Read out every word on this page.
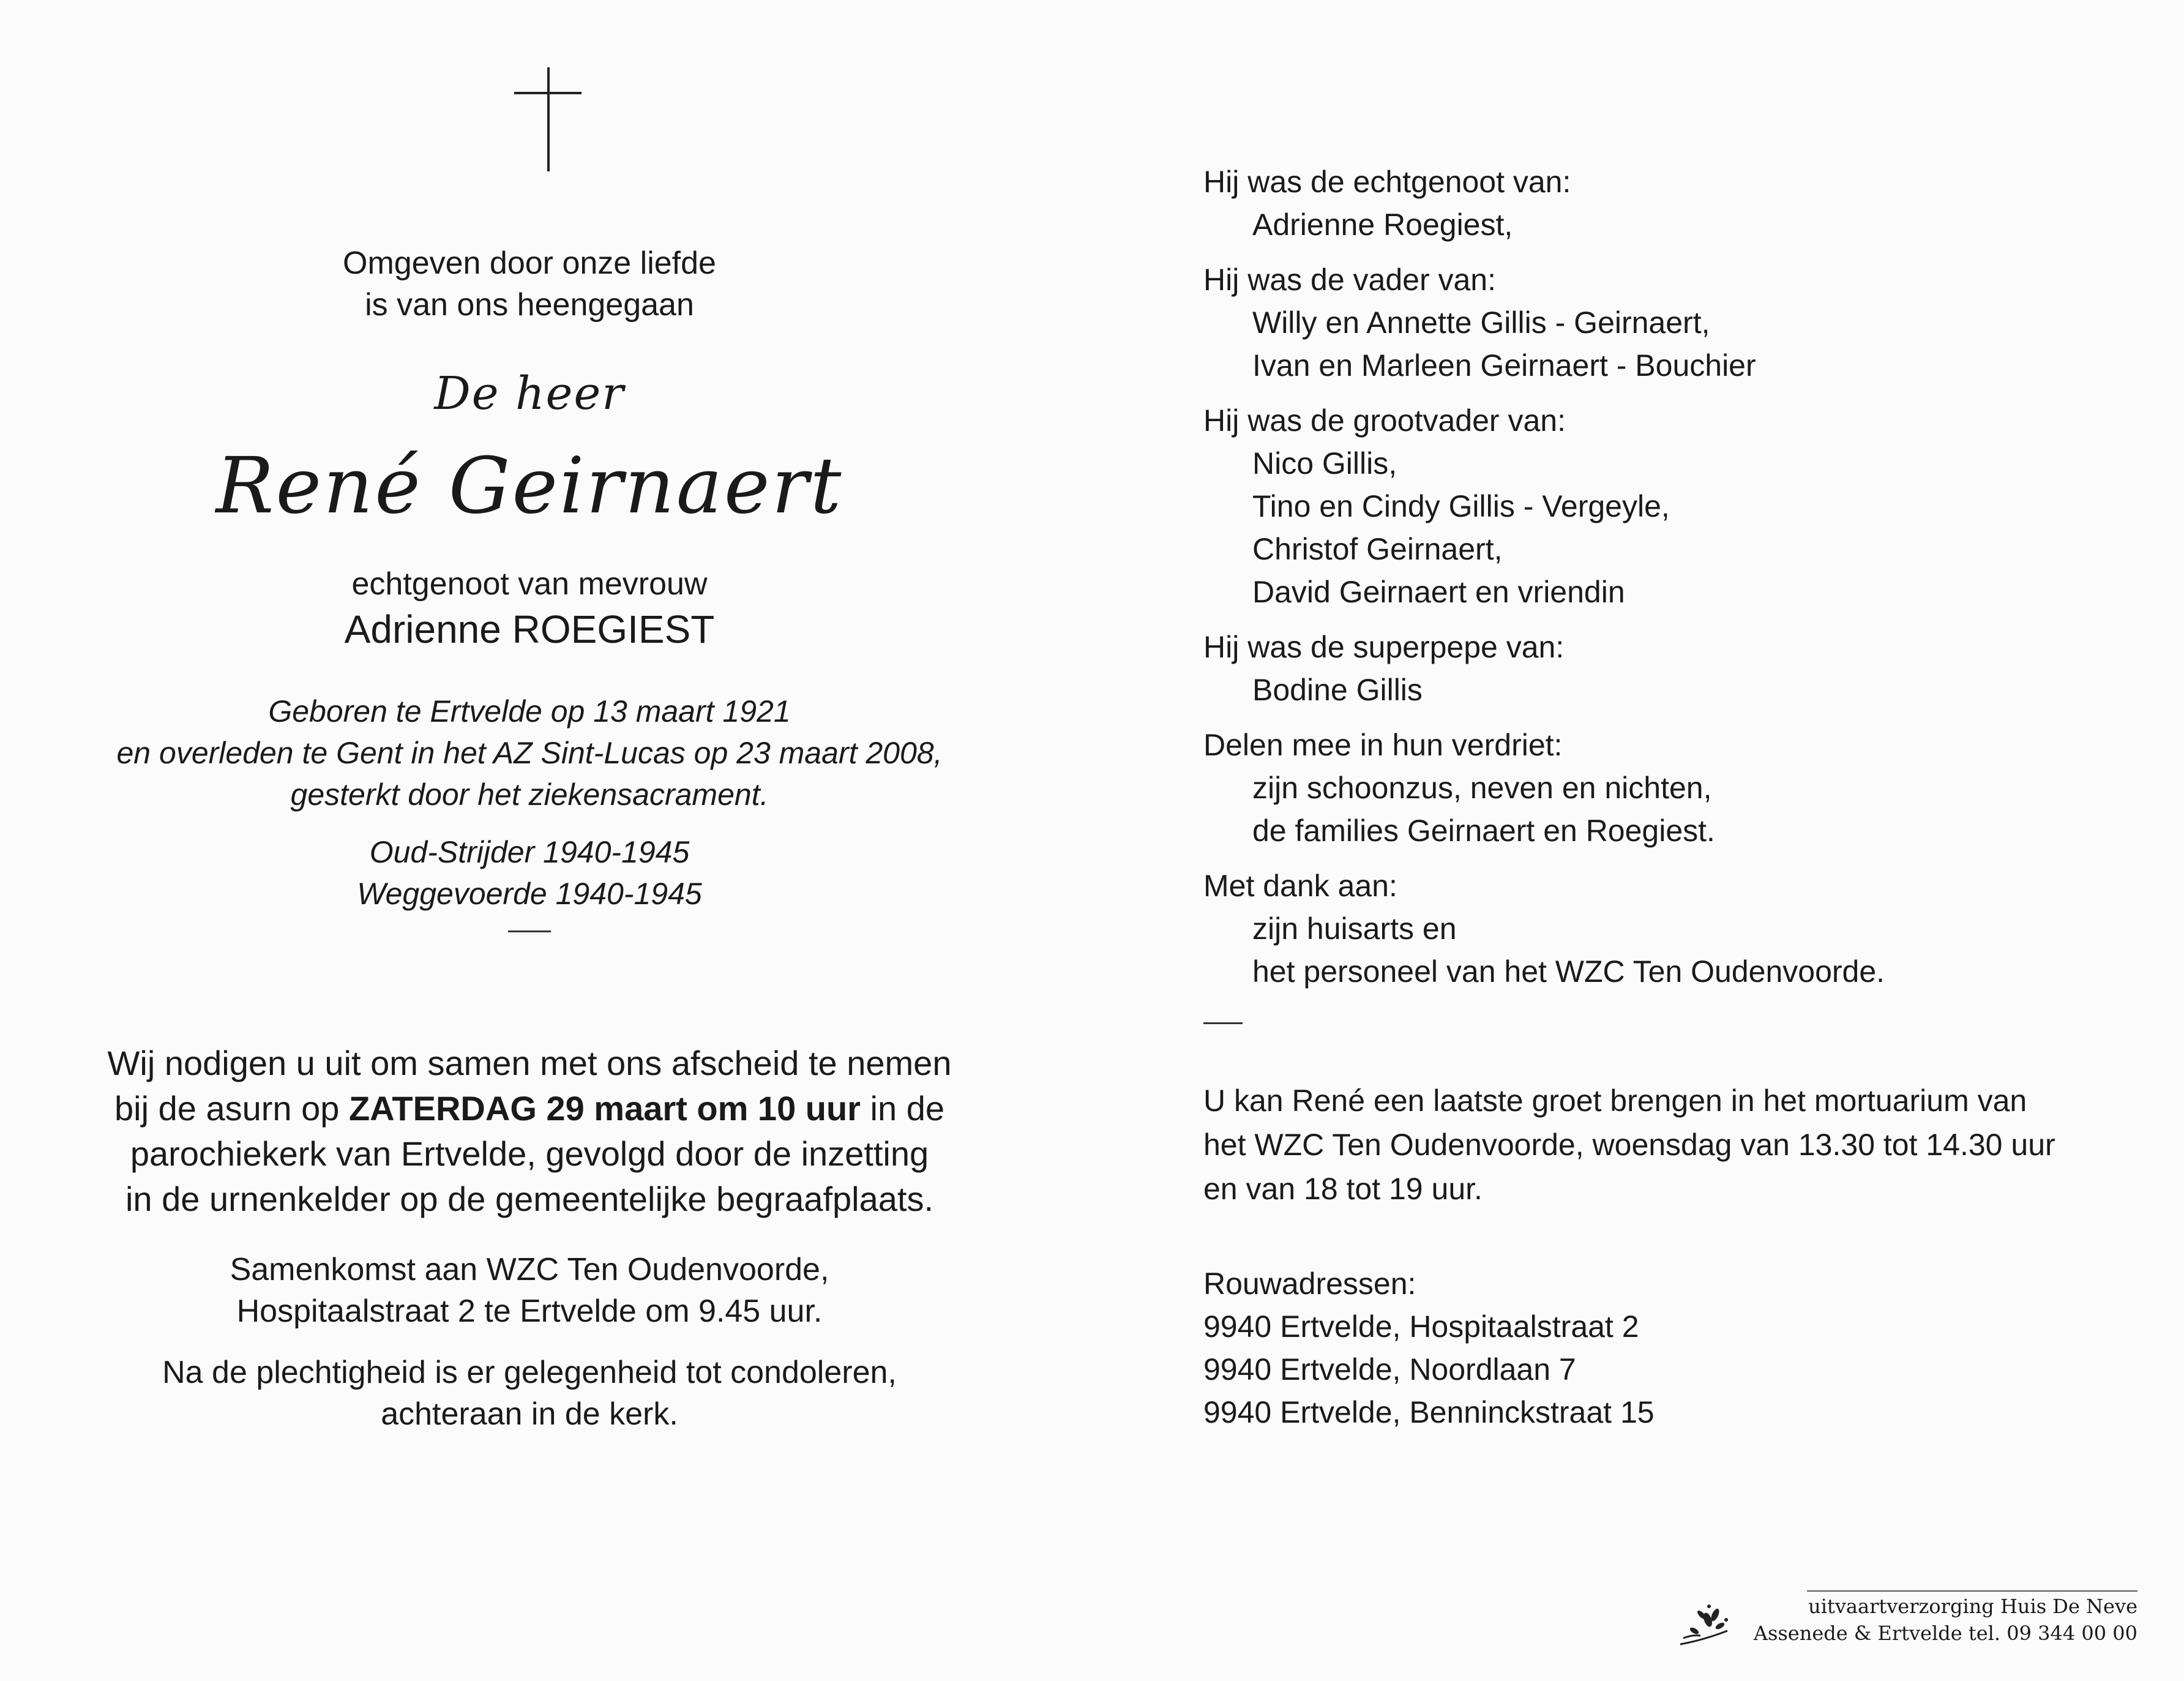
Omgeven door onze liefde

is van ons heengegaan

De heer
René Geirnaert
echtgenoot van mevrouw
Adrienne ROEGIEST
Geboren te Ertvelde op 13 maart 1921
en overleden te Gent in het AZ Sint-Lucas op 23 maart 2008,
gesterkt door het ziekensacrament.
Oud-Strijder 1940-1945
Weggevoerde 1940-1945
Wij nodigen u uit om samen met ons afscheid te nemen
bij de asurn op ZATERDAG 29 maart om 10 uur in de
parochiekerk van Ertvelde, gevolgd door de inzetting
in de urnenkelder op de gemeentelijke begraafplaats.

Samenkomst aan WZC Ten Oudenvoorde,

Hospitaalstraat 2 te Ertvelde om 9.45 uur.

Na de plechtigheid is er gelegenheid tot condoleren,

achteraan in de kerk.

Hij was de echtgenoot van:
Adrienne Roegiest,
Hij was de vader van:
Willy en Annette Gillis - Geirnaert,
Ivan en Marleen Geirnaert - Bouchier
Hij was de grootvader van:
Nico Gillis,
Tino en Cindy Gillis - Vergeyle,
Christof Geirnaert,
David Geirnaert en vriendin
Hij was de superpepe van:
Bodine Gillis
Delen mee in hun verdriet:
zijn schoonzus, neven en nichten,
de families Geirnaert en Roegiest.
Met dank aan:
zijn huisarts en
het personeel van het WZC Ten Oudenvoorde.
U kan René een laatste groet brengen in het mortuarium van
het WZC Ten Oudenvoorde, woensdag van 13.30 tot 14.30 uur
en van 18 tot 19 uur.
Rouwadressen:
9940 Ertvelde, Hospitaalstraat 2
9940 Ertvelde, Noordlaan 7
9940 Ertvelde, Benninckstraat 15
uitvaartverzorging Huis De Neve
Assenede & Ertvelde tel. 09 344 00 00
